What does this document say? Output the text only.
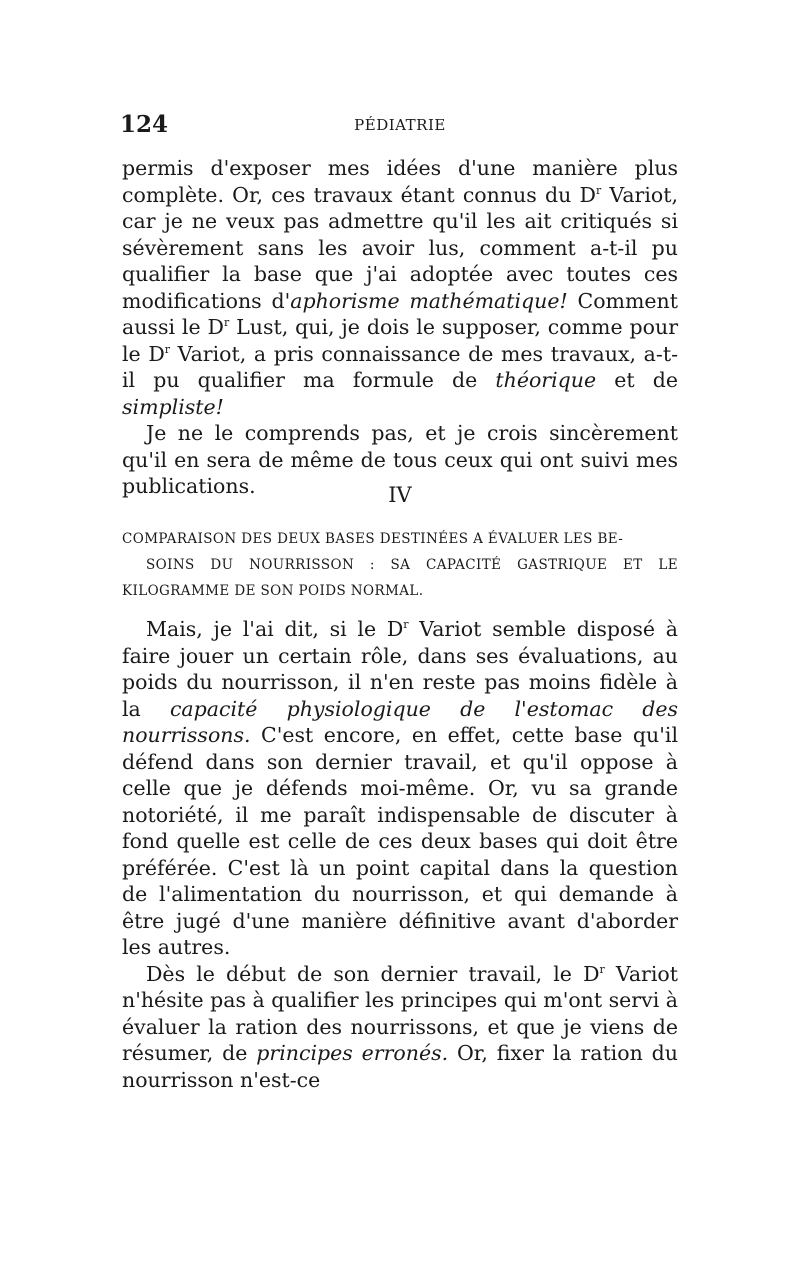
124	PÉDIATRIE

permis d'exposer mes idées d'une manière plus complète. Or, ces travaux étant connus du $D^r$ Variot, car je ne veux pas admettre qu'il les ait critiqués si sévèrement sans les avoir lus, comment a-t-il pu qualifier la base que j'ai adoptée avec toutes ces modifications d'aphorisme mathématique! Comment aussi le $D^r$ Lust, qui, je dois le supposer, comme pour le $D^r$ Variot, a pris connaissance de mes travaux, a-t-il pu qualifier ma formule de théorique et de simpliste!

Je ne le comprends pas, et je crois sincèrement qu'il en sera de même de tous ceux qui ont suivi mes publications.	IV
COMPARAISON DES DEUX BASES DESTINÉES A ÉVALUER LES BE-
SOINS DU NOURRISSON : SA CAPACITÉ GASTRIQUE ET LE KILOGRAMME DE SON POIDS NORMAL.

Mais, je l'ai dit, si le $D^r$ Variot semble disposé à faire jouer un certain rôle, dans ses évaluations, au poids du nourrisson, il n'en reste pas moins fidèle à la capacité physiologique de l'estomac des nourrissons. C'est encore, en effet, cette base qu'il défend dans son dernier travail, et qu'il oppose à celle que je défends moi-même. Or, vu sa grande notoriété, il me paraît indispensable de discuter à fond quelle est celle de ces deux bases qui doit être préférée. C'est là un point capital dans la question de l'alimentation du nourrisson, et qui demande à être jugé d'une manière définitive avant d'aborder les autres.

Dès le début de son dernier travail, le $D^r$ Variot n'hésite pas à qualifier les principes qui m'ont servi à évaluer la ration des nourrissons, et que je viens de résumer, de principes erronés. Or, fixer la ration du nourrisson n'est-ce
